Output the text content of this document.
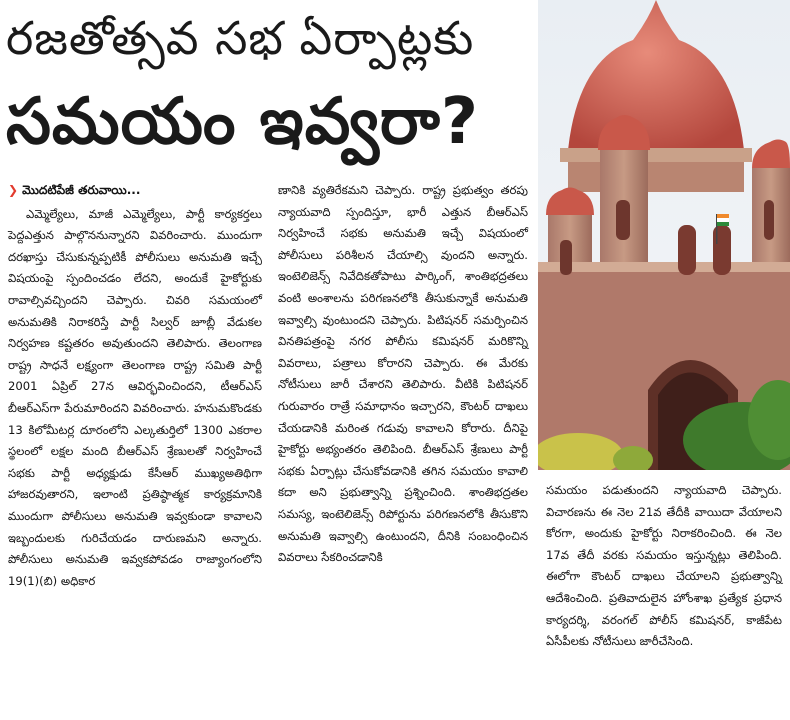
రజతోత్సవ సభ ఏర్పాట్లకు
సమయం ఇవ్వరా?
❯ మొదటిపేజీ తరువాయి...

ఎమ్మెల్యేలు, మాజీ ఎమ్మెల్యేలు, పార్టీ కార్యకర్తలు పెద్దఎత్తున పాల్గొననున్నారని వివరించారు. ముందుగా దరఖాస్తు చేసుకున్నప్పటికీ పోలీసులు అనుమతి ఇచ్చే విషయంపై స్పందించడం లేదని, అందుకే హైకోర్టుకు రావాల్సివచ్చిందని చెప్పారు. చివరి సమయంలో అనుమతికి నిరాకరిస్తే పార్టీ సిల్వర్ జూబ్లీ వేడుకల నిర్వహణ కష్టతరం అవుతుందని తెలిపారు. తెలంగాణ రాష్ట్ర సాధనే లక్ష్యంగా తెలంగాణ రాష్ట్ర సమితి పార్టీ 2001 ఏప్రిల్ 27న ఆవిర్భవించిందని, టీఆర్ఎస్ బీఆర్ఎస్‌గా పేరుమారిందని వివరించారు. హనుమకొండకు 13 కిలోమీటర్ల దూరంలోని ఎల్కతుర్తిలో 1300 ఎకరాల స్థలంలో లక్షల మంది బీఆర్ఎస్ శ్రేణులతో నిర్వహించే సభకు పార్టీ అధ్యక్షుడు కేసీఆర్ ముఖ్యఅతిథిగా హాజరవుతారని, ఇలాంటి ప్రతిష్ఠాత్మక కార్యక్రమానికి ముందుగా పోలీసులు అనుమతి ఇవ్వకుండా కావాలని ఇబ్బందులకు గురిచేయడం దారుణమని అన్నారు. పోలీసులు అనుమతి ఇవ్వకపోవడం రాజ్యాంగంలోని 19(1)(బి) అధికార

ణానికి వ్యతిరేకమని చెప్పారు. రాష్ట్ర ప్రభుత్వం తరపు న్యాయవాది స్పందిస్తూ, భారీ ఎత్తున బీఆర్ఎస్ నిర్వహించే సభకు అనుమతి ఇచ్చే విషయంలో పోలీసులు పరిశీలన చేయాల్సి వుందని అన్నారు. ఇంటెలిజెన్స్ నివేదికతోపాటు పార్కింగ్, శాంతిభద్రతలు వంటి అంశాలను పరిగణనలోకి తీసుకున్నాకే అనుమతి ఇవ్వాల్సి వుంటుందని చెప్పారు. పిటిషనర్ సమర్పించిన వినతిపత్రంపై నగర పోలీసు కమిషనర్ మరికొన్ని వివరాలు, పత్రాలు కోరారని చెప్పారు. ఈ మేరకు నోటీసులు జారీ చేశారని తెలిపారు. వీటికి పిటిషనర్ గురువారం రాత్రే సమాధానం ఇచ్చారని, కౌంటర్ దాఖలు చేయడానికి మరింత గడువు కావాలని కోరారు. దీనిపై హైకోర్టు అభ్యంతరం తెలిపింది. బీఆర్ఎస్ శ్రేణులు పార్టీ సభకు ఏర్పాట్లు చేసుకోవడానికి తగిన సమయం కావాలి కదా అని ప్రభుత్వాన్ని ప్రశ్నించింది. శాంతిభద్రతల సమస్య, ఇంటెలిజెన్స్ రిపోర్టును పరిగణనలోకి తీసుకొని అనుమతి ఇవ్వాల్సి ఉంటుందని, దీనికి సంబంధించిన వివరాలు సేకరించడానికి

సమయం పడుతుందని న్యాయవాది చెప్పారు. విచారణను ఈ నెల 21వ తేదీకి వాయిదా వేయాలని కోరగా, అందుకు హైకోర్టు నిరాకరించింది. ఈ నెల 17వ తేదీ వరకు సమయం ఇస్తున్నట్లు తెలిపింది. ఈలోగా కౌంటర్ దాఖలు చేయాలని ప్రభుత్వాన్ని ఆదేశించింది. ప్రతివాదులైన హోంశాఖ ప్రత్యేక ప్రధాన కార్యదర్శి, వరంగల్ పోలీస్ కమిషనర్, కాజీపేట ఏసీపీలకు నోటీసులు జారీచేసింది.
